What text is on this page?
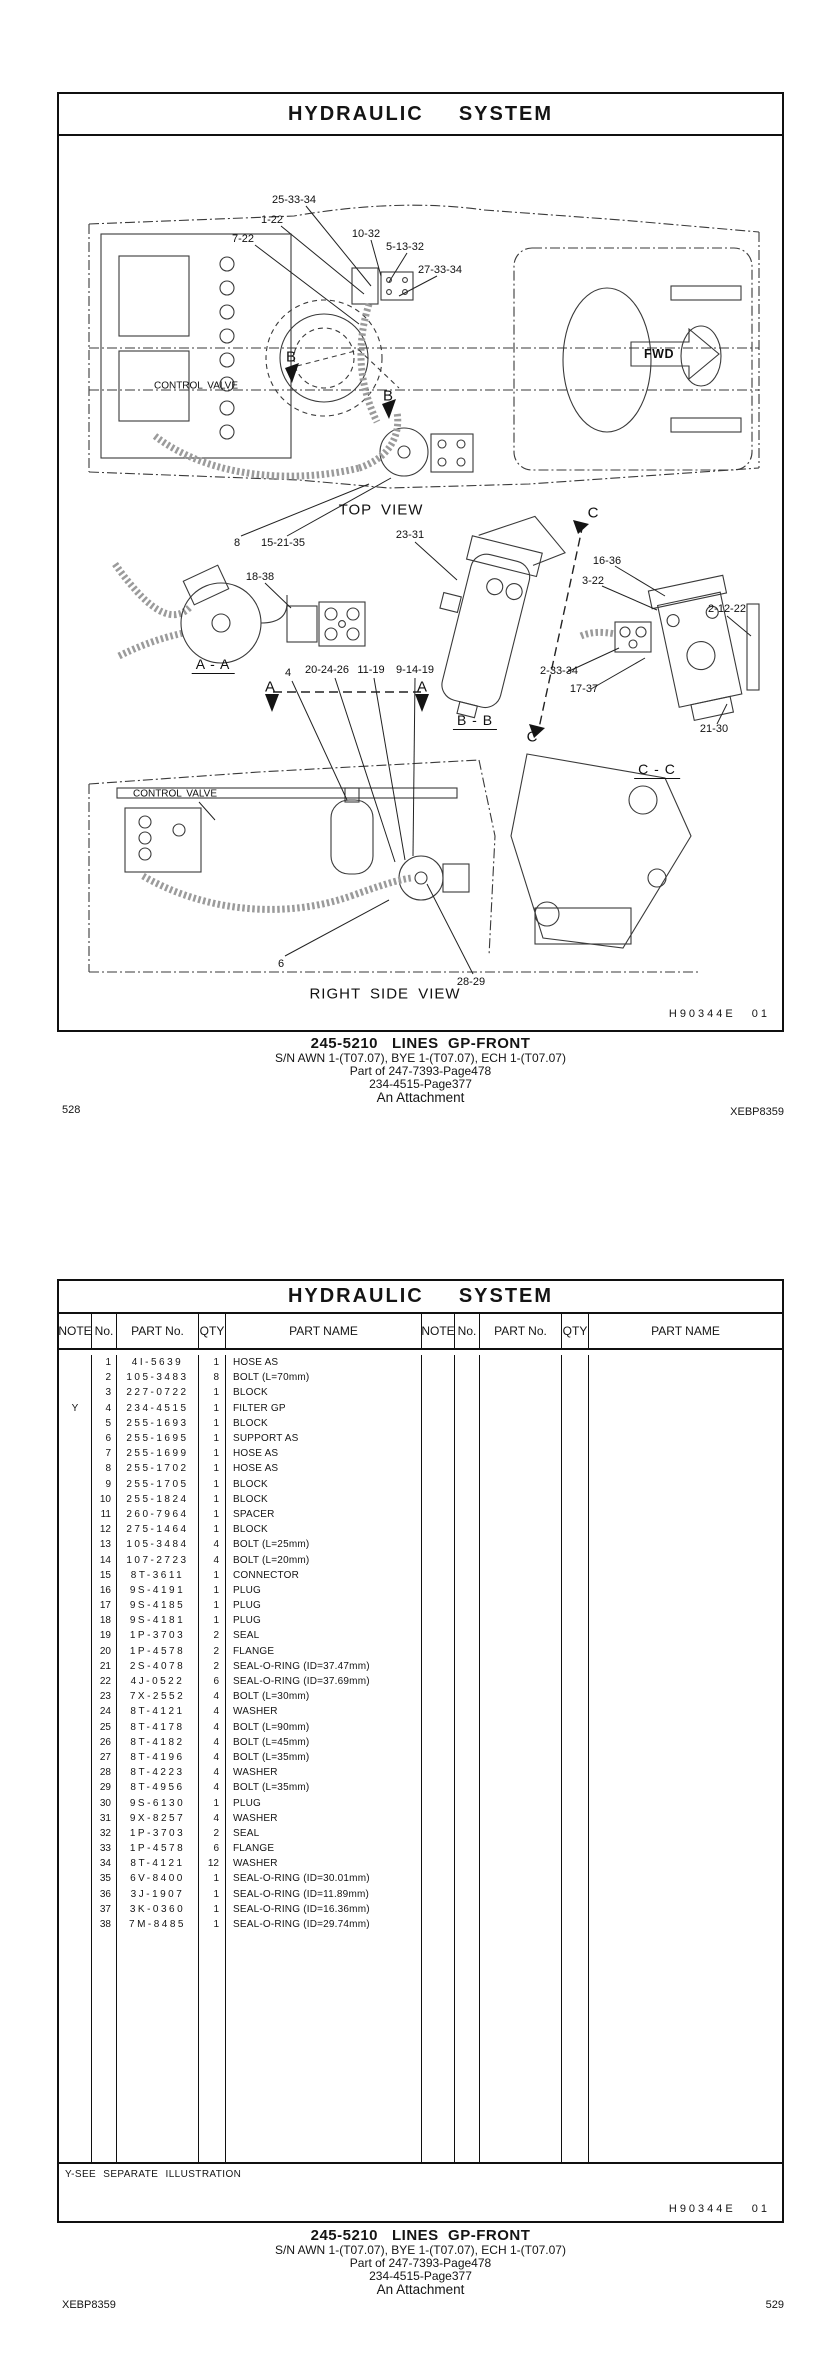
HYDRAULIC  SYSTEM
25-33-34
1-22
7-22	10-32
5-13-32
27-33-34
CONTROL VALVE
B
B
FWD
8 15-21-35
TOP VIEW	C
23-31
18-38
16-36
3-22
2-12-22
2-33-34
17-37
21-30
A - A
4 20-24-26 11-19 9-14-19
A	A
B - B
C
C - C
CONTROL VALVE
6
28-29
RIGHT SIDE VIEW
H90344E 01
245-5210   LINES  GP-FRONT
S/N AWN 1-(T07.07), BYE 1-(T07.07), ECH 1-(T07.07)
Part of 247-7393-Page478
234-4515-Page377
An Attachment
528	XEBP8359
HYDRAULIC  SYSTEM
NOTE No.	PART No.	QTY	PART NAME	NOTE No.	PART No.	QTY	PART NAME
1	4I-5639	1	HOSE AS
2	105-3483	8	BOLT (L=70mm)
3	227-0722	1	BLOCK
Y	4	234-4515	1	FILTER GP
5	255-1693	1	BLOCK
6	255-1695	1	SUPPORT AS
7	255-1699	1	HOSE AS
8	255-1702	1	HOSE AS
9	255-1705	1	BLOCK
10	255-1824	1	BLOCK
11	260-7964	1	SPACER
12	275-1464	1	BLOCK
13	105-3484	4	BOLT (L=25mm)
14	107-2723	4	BOLT (L=20mm)
15	8T-3611	1	CONNECTOR
16	9S-4191	1	PLUG
17	9S-4185	1	PLUG
18	9S-4181	1	PLUG
19	1P-3703	2	SEAL
20	1P-4578	2	FLANGE
21	2S-4078	2	SEAL-O-RING (ID=37.47mm)
22	4J-0522	6	SEAL-O-RING (ID=37.69mm)
23	7X-2552	4	BOLT (L=30mm)
24	8T-4121	4	WASHER
25	8T-4178	4	BOLT (L=90mm)
26	8T-4182	4	BOLT (L=45mm)
27	8T-4196	4	BOLT (L=35mm)
28	8T-4223	4	WASHER
29	8T-4956	4	BOLT (L=35mm)
30	9S-6130	1	PLUG
31	9X-8257	4	WASHER
32	1P-3703	2	SEAL
33	1P-4578	6	FLANGE
34	8T-4121	12	WASHER
35	6V-8400	1	SEAL-O-RING (ID=30.01mm)
36	3J-1907	1	SEAL-O-RING (ID=11.89mm)
37	3K-0360	1	SEAL-O-RING (ID=16.36mm)
38	7M-8485	1	SEAL-O-RING (ID=29.74mm)
Y-SEE SEPARATE ILLUSTRATION
H90344E 01
245-5210   LINES  GP-FRONT
S/N AWN 1-(T07.07), BYE 1-(T07.07), ECH 1-(T07.07)
Part of 247-7393-Page478
234-4515-Page377
An Attachment
XEBP8359	529
